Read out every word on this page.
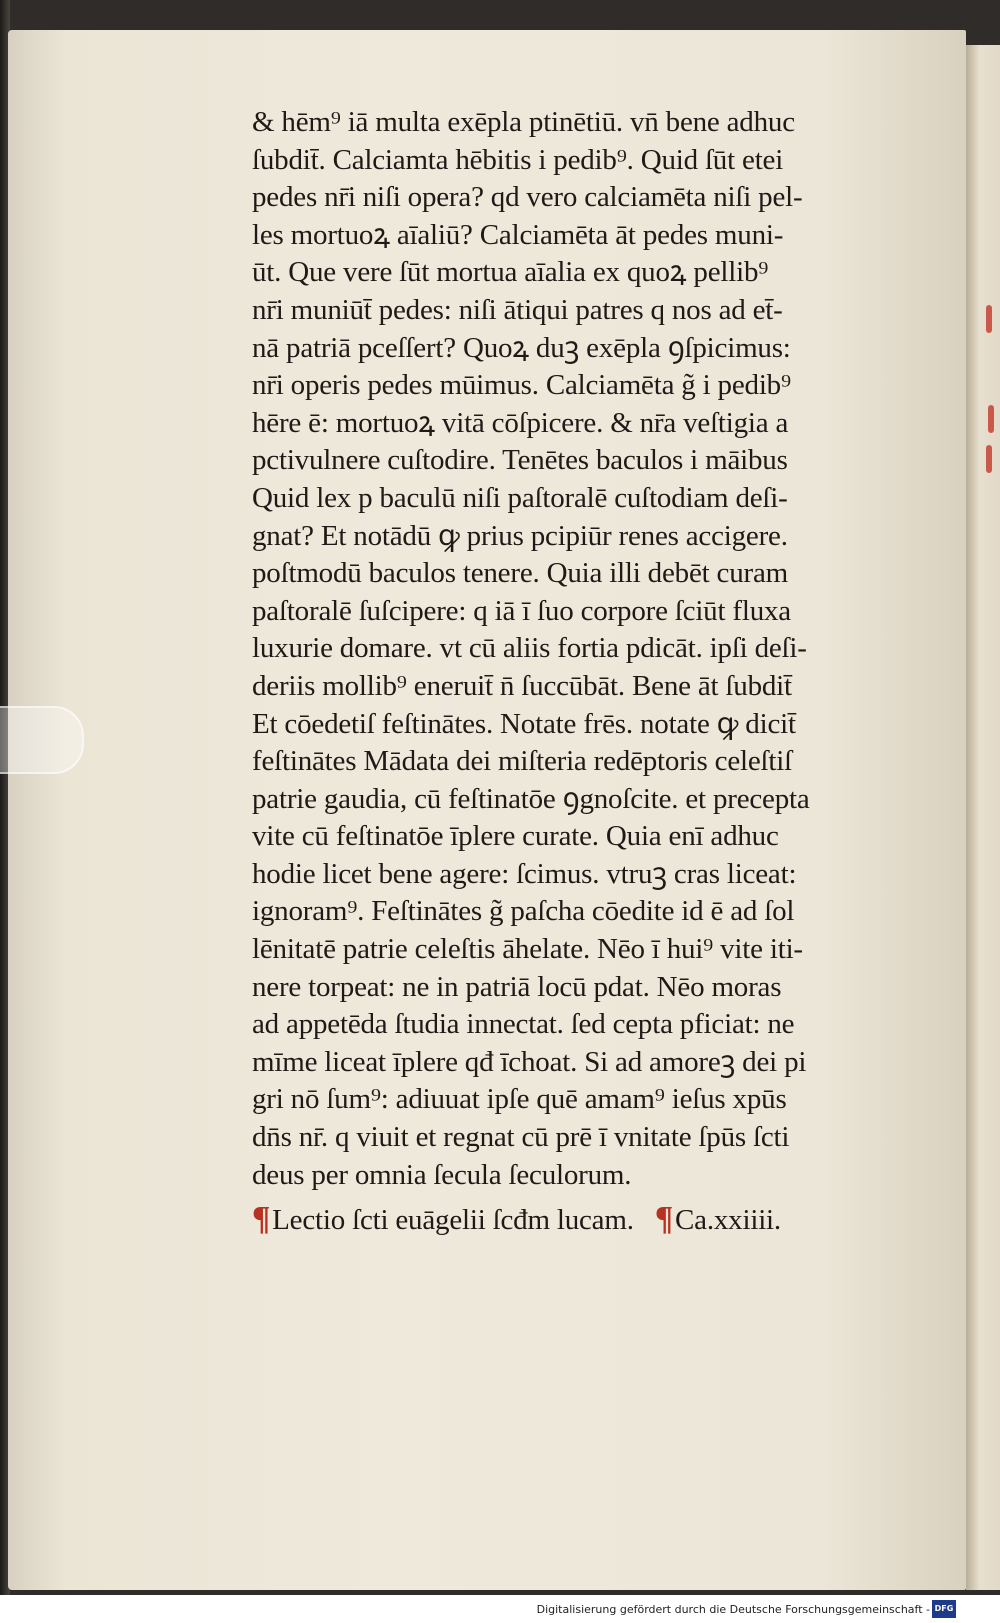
& hēm⁹ iā multa exēpla ptinētiū. vn̄ bene adhuc
ſubdit̄. Calciamta hēbitis i pedib⁹. Quid ſūt etei
pedes nr̄i niſi opera? qd vero calciamēta niſi pel-
les mortuoꝝ aīaliū? Calciamēta āt pedes muni-
ūt. Que vere ſūt mortua aīalia ex quoꝝ pellib⁹
nr̄i muniūt̄ pedes: niſi ātiqui patres q nos ad et̄-
nā patriā pceſſert? Quoꝝ duꝫ exēpla ꝯſpicimus:
nr̄i operis pedes mūimus. Calciamēta g̃ i pedib⁹
hēre ē: mortuoꝝ vitā cōſpicere. & nr̄a veſtigia a
pctivulnere cuſtodire. Tenētes baculos i māibus
Quid lex p baculū niſi paſtoralē cuſtodiam deſi-
gnat? Et notādū ꝙ prius pcipiūr renes accigere.
poſtmodū baculos tenere. Quia illi debēt curam
paſtoralē ſuſcipere: q iā ī ſuo corpore ſciūt fluxa
luxurie domare. vt cū aliis fortia pdicāt. ipſi deſi-
deriis mollib⁹ eneruit̄ n̄ ſuccūbāt. Bene āt ſubdit̄
Et cōedetiſ feſtinātes. Notate frēs. notate ꝙ dicit̄
feſtinātes Mādata dei miſteria redēptoris celeſtiſ
patrie gaudia, cū feſtinatōe ꝯgnoſcite. et precepta
vite cū feſtinatōe īplere curate. Quia enī adhuc
hodie licet bene agere: ſcimus. vtruꝫ cras liceat:
ignoram⁹. Feſtinātes g̃ paſcha cōedite id ē ad ſol
lēnitatē patrie celeſtis āhelate. Nēo ī hui⁹ vite iti-
nere torpeat: ne in patriā locū pdat. Nēo moras
ad appetēda ſtudia innectat. ſed cepta pficiat: ne
mīme liceat īplere qđ īchoat. Si ad amoreꝫ dei pi
gri nō ſum⁹: adiuuat ipſe quē amam⁹ ieſus xpūs
dn̄s nr̄. q viuit et regnat cū prē ī vnitate ſpūs ſcti
deus per omnia ſecula ſeculorum.
¶Lectio ſcti euāgelii ſcđm lucam. ¶Ca.xxiiii.
Digitalisierung gefördert durch die Deutsche Forschungsgemeinschaft - DFG
